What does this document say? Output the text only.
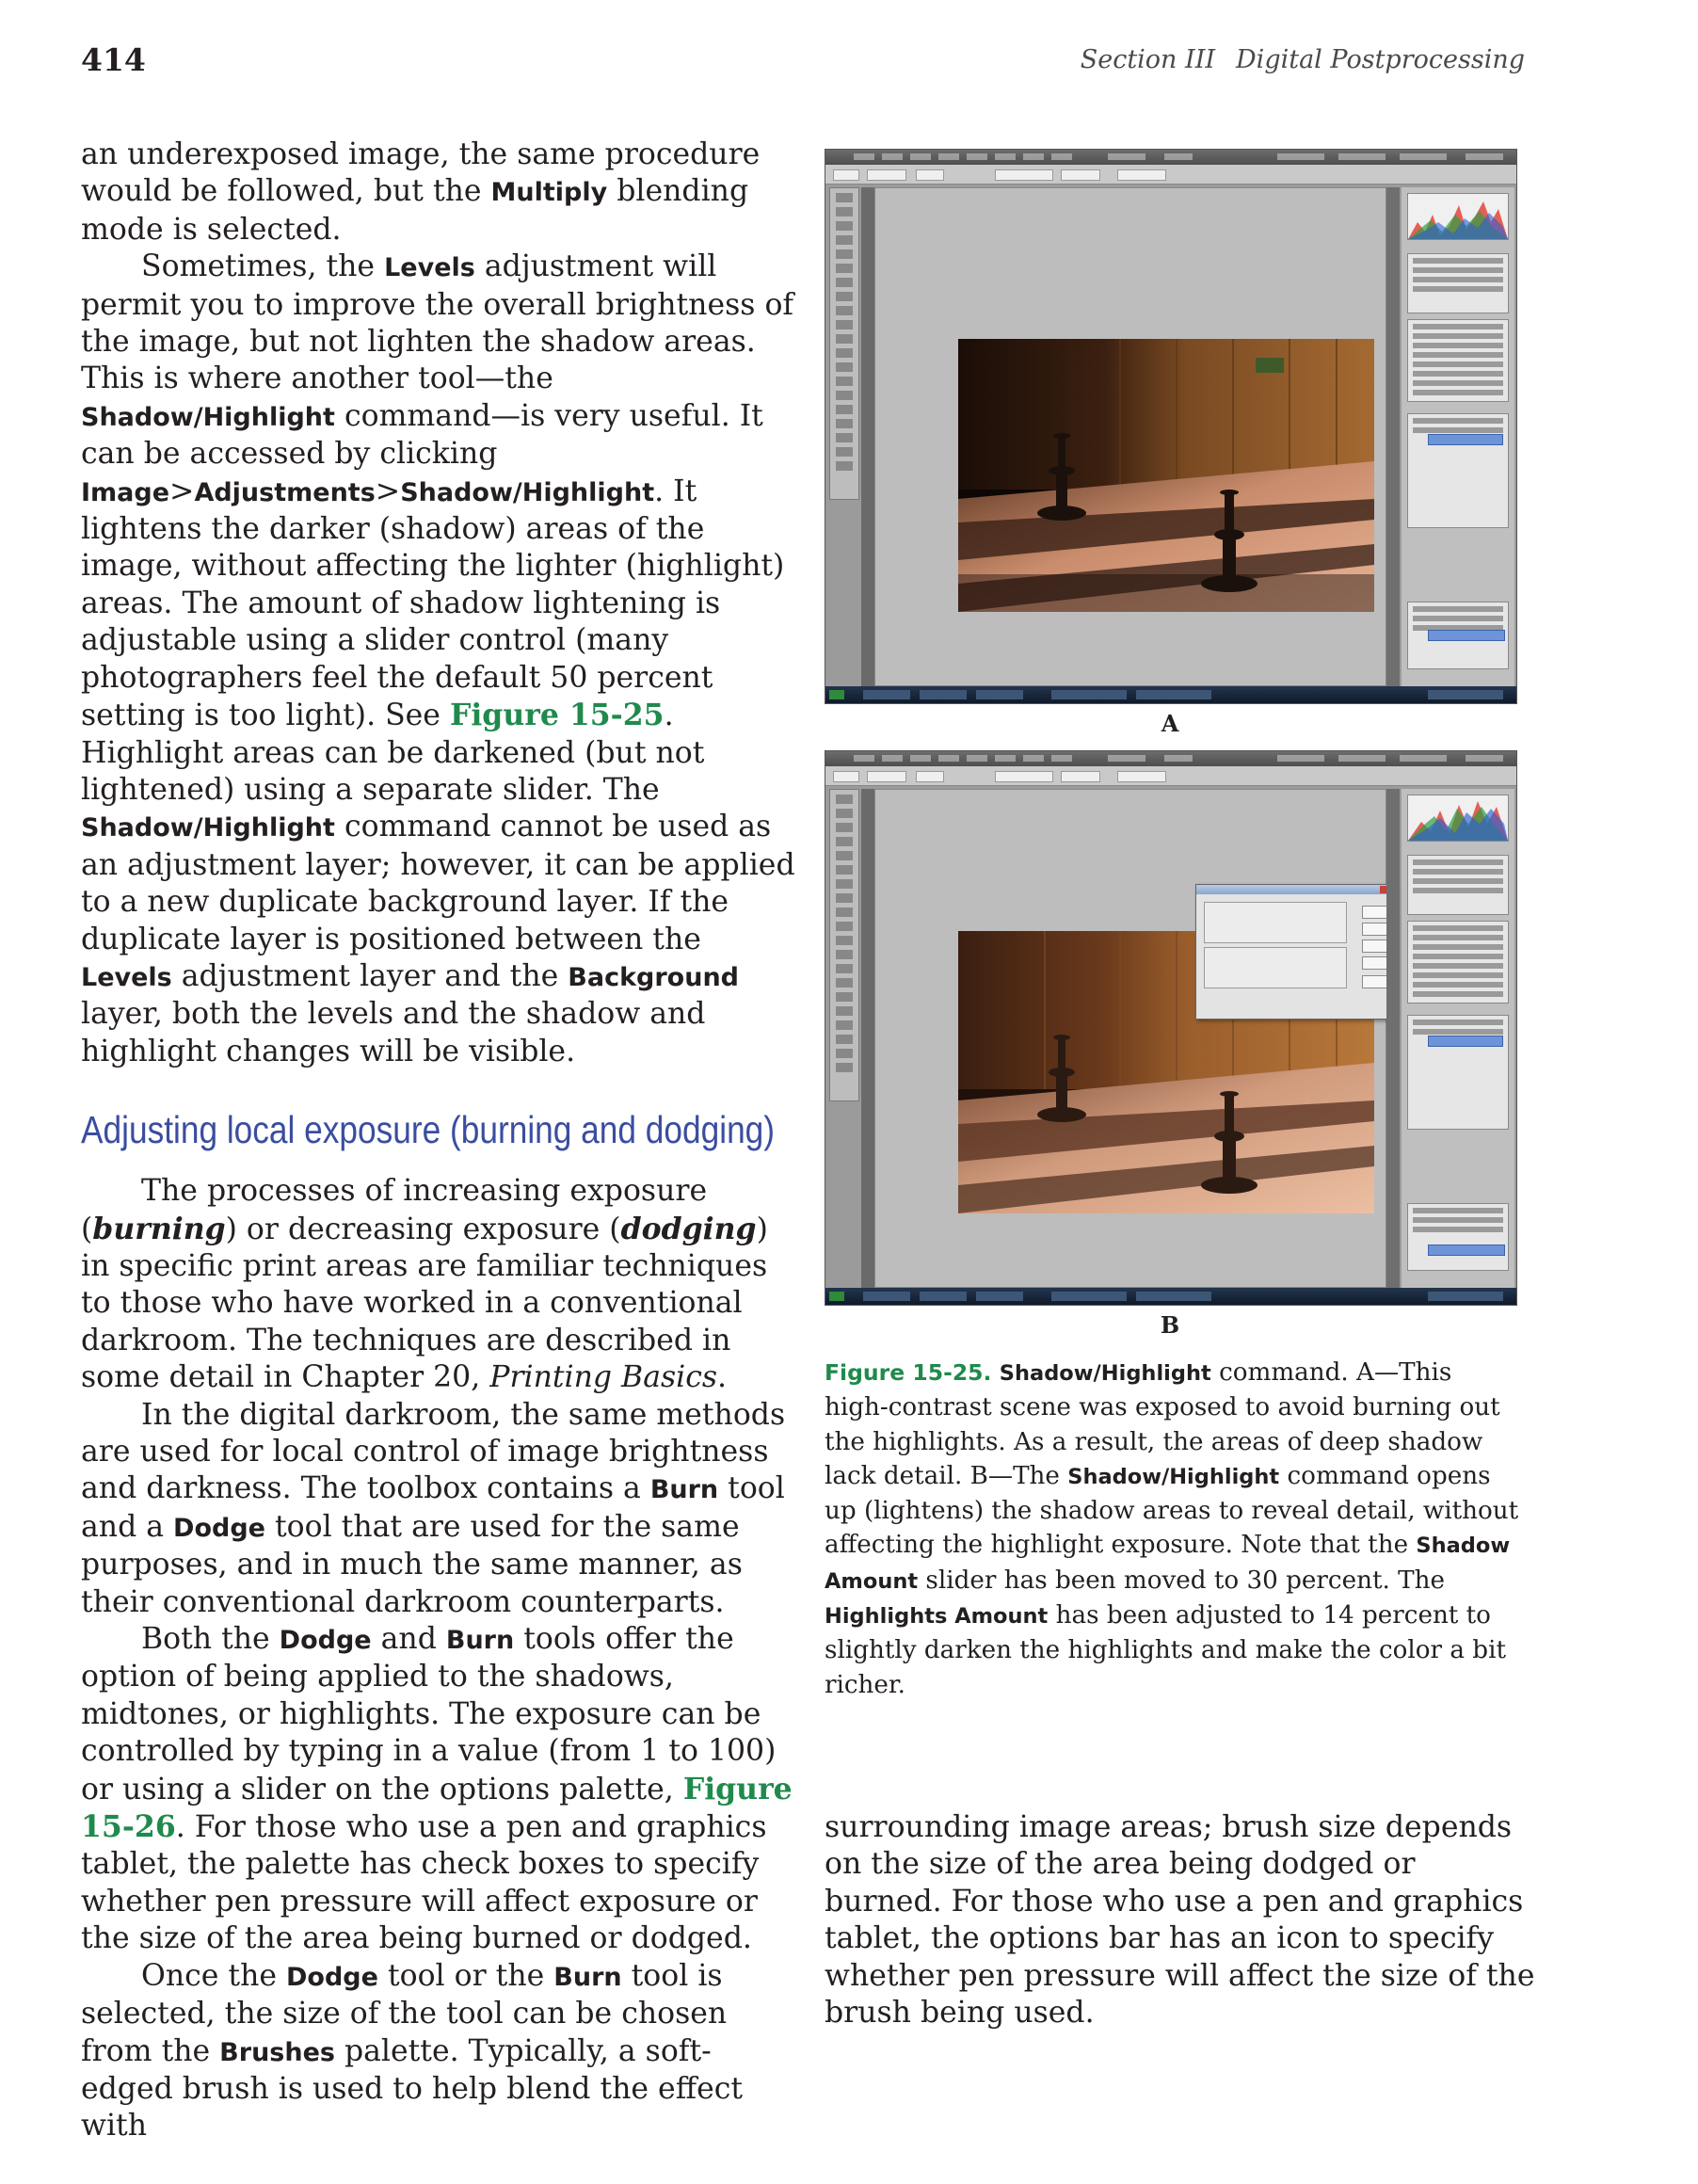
414	Section III Digital Postprocessing

an underexposed image, the same procedure would be followed, but the Multiply blending mode is selected.

Sometimes, the Levels adjustment will permit you to improve the overall brightness of the image, but not lighten the shadow areas. This is where another tool—the Shadow/Highlight command—is very useful. It can be accessed by clicking Image>Adjustments>Shadow/Highlight. It lightens the darker (shadow) areas of the image, without affecting the lighter (highlight) areas. The amount of shadow lightening is adjustable using a slider control (many photographers feel the default 50 percent setting is too light). See Figure 15-25. Highlight areas can be darkened (but not lightened) using a separate slider. The Shadow/Highlight command cannot be used as an adjustment layer; however, it can be applied to a new duplicate background layer. If the duplicate layer is positioned between the Levels adjustment layer and the Background layer, both the levels and the shadow and highlight changes will be visible.

Adjusting local exposure (burning and dodging)

The processes of increasing exposure (burning) or decreasing exposure (dodging) in specific print areas are familiar techniques to those who have worked in a conventional darkroom. The techniques are described in some detail in Chapter 20, Printing Basics.

In the digital darkroom, the same methods are used for local control of image brightness and darkness. The toolbox contains a Burn tool and a Dodge tool that are used for the same purposes, and in much the same manner, as their conventional darkroom counterparts.

Both the Dodge and Burn tools offer the option of being applied to the shadows, midtones, or highlights. The exposure can be controlled by typing in a value (from 1 to 100) or using a slider on the options palette, Figure 15-26. For those who use a pen and graphics tablet, the palette has check boxes to specify whether pen pressure will affect exposure or the size of the area being burned or dodged.

Once the Dodge tool or the Burn tool is selected, the size of the tool can be chosen from the Brushes palette. Typically, a soft-edged brush is used to help blend the effect with

A
B

Figure 15-25. Shadow/Highlight command. A—This high-contrast scene was exposed to avoid burning out the highlights. As a result, the areas of deep shadow lack detail. B—The Shadow/Highlight command opens up (lightens) the shadow areas to reveal detail, without affecting the highlight exposure. Note that the Shadow Amount slider has been moved to 30 percent. The Highlights Amount has been adjusted to 14 percent to slightly darken the highlights and make the color a bit richer.

surrounding image areas; brush size depends on the size of the area being dodged or burned. For those who use a pen and graphics tablet, the options bar has an icon to specify whether pen pressure will affect the size of the brush being used.
